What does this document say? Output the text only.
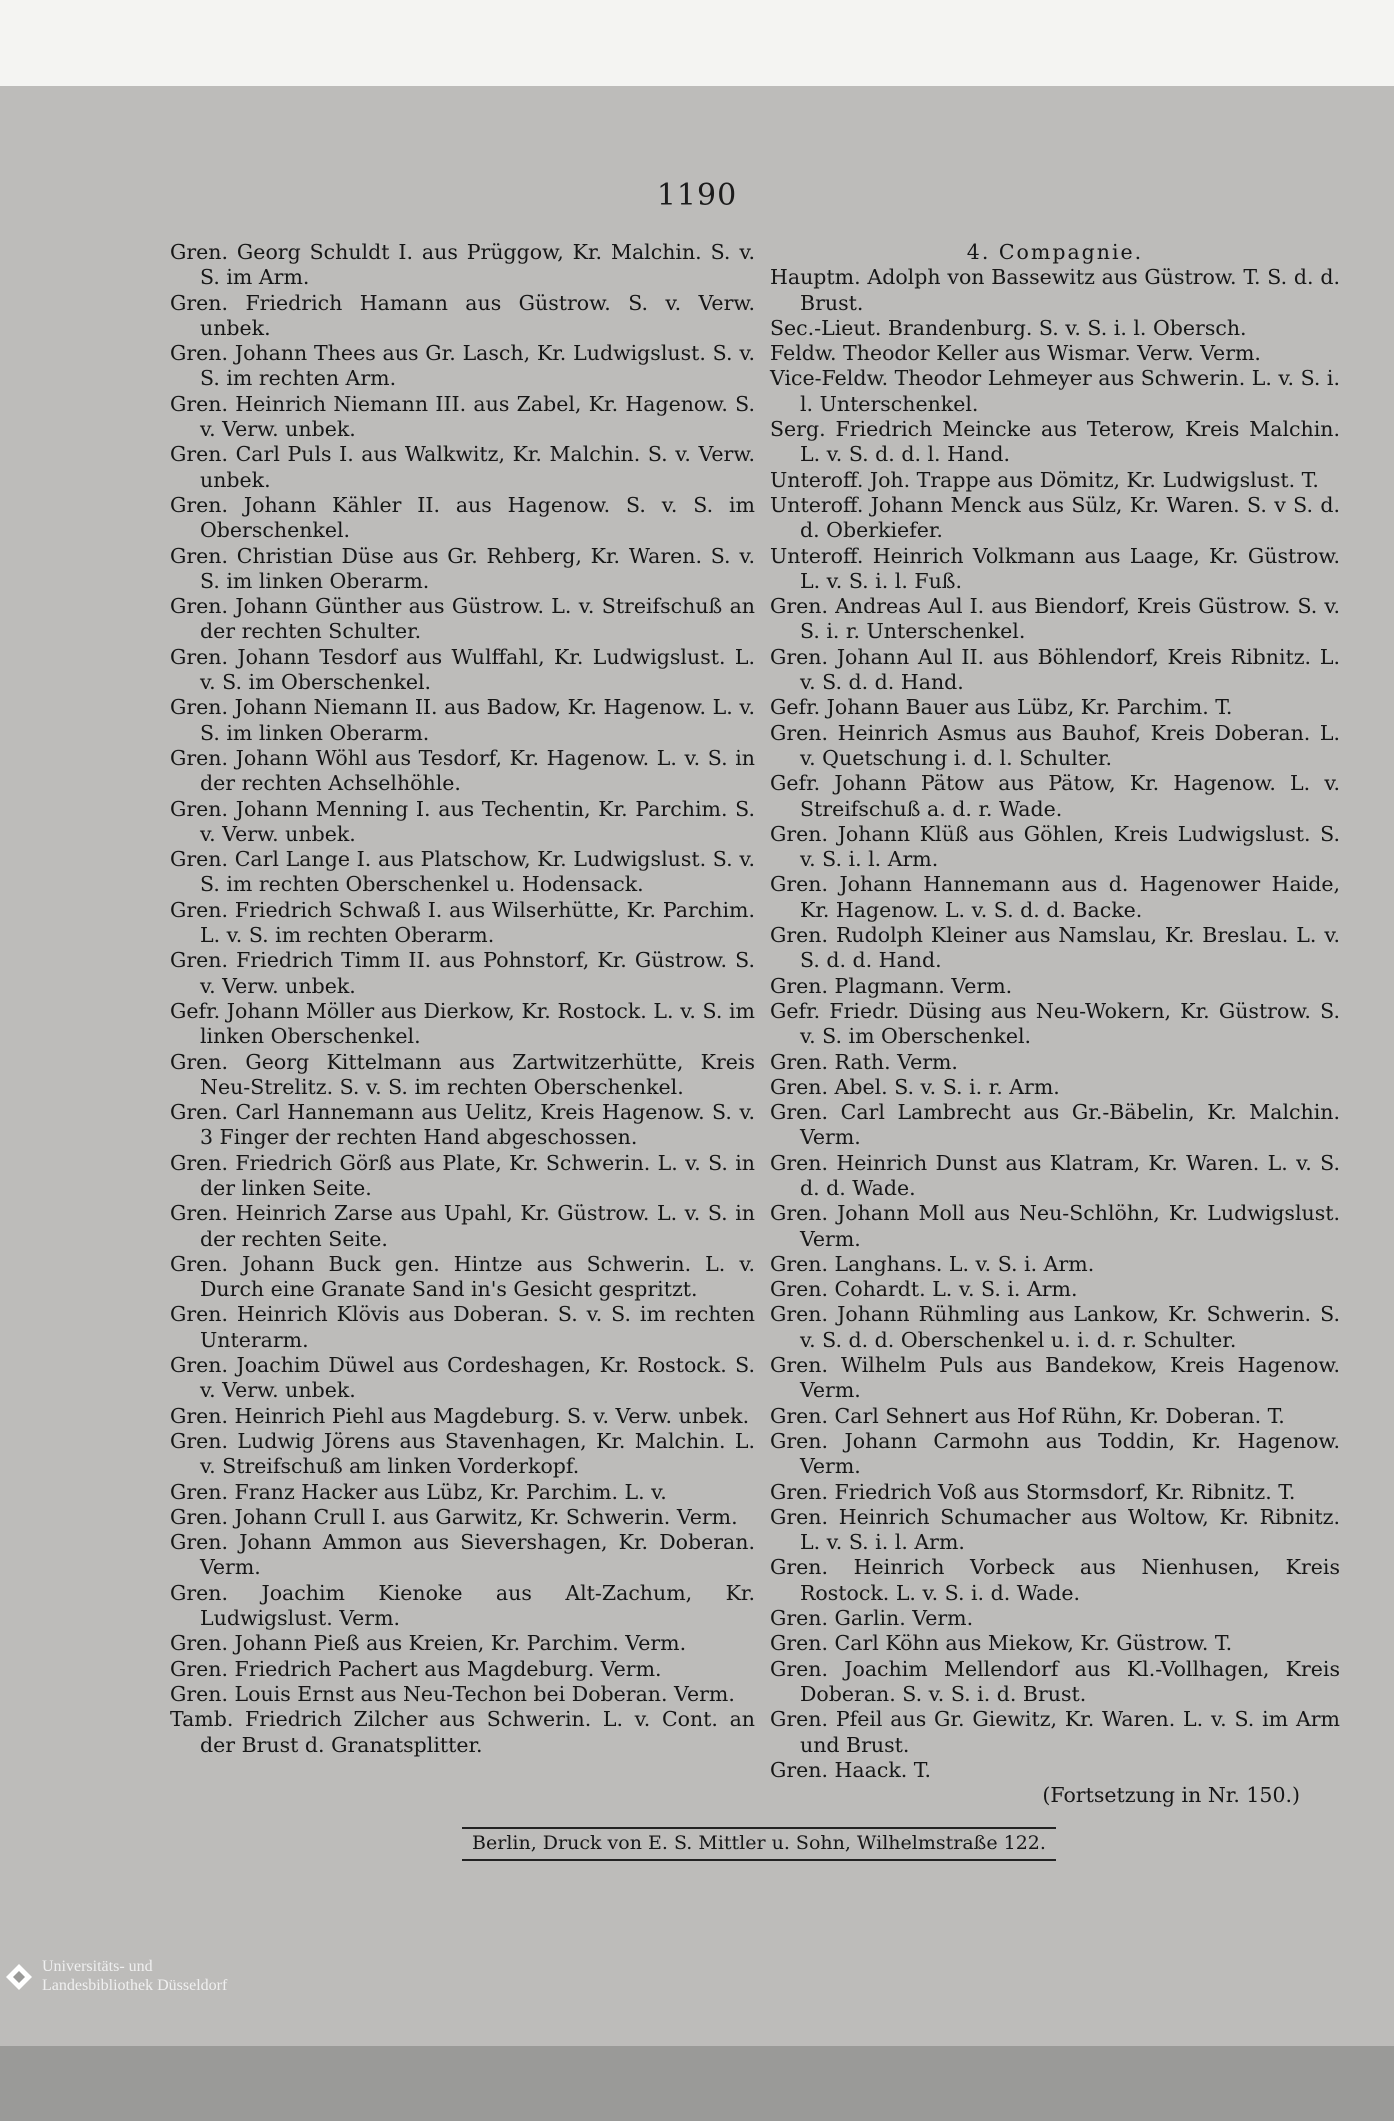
1190
Gren. Georg Schuldt I. aus Prüggow, Kr. Malchin. S. v. S. im Arm.
Gren. Friedrich Hamann aus Güstrow. S. v. Verw. unbek.
Gren. Johann Thees aus Gr. Lasch, Kr. Ludwigslust. S. v. S. im rechten Arm.
Gren. Heinrich Niemann III. aus Zabel, Kr. Hagenow. S. v. Verw. unbek.
Gren. Carl Puls I. aus Walkwitz, Kr. Malchin. S. v. Verw. unbek.
Gren. Johann Kähler II. aus Hagenow. S. v. S. im Oberschenkel.
Gren. Christian Düse aus Gr. Rehberg, Kr. Waren. S. v. S. im linken Oberarm.
Gren. Johann Günther aus Güstrow. L. v. Streifschuß an der rechten Schulter.
Gren. Johann Tesdorf aus Wulffahl, Kr. Ludwigslust. L. v. S. im Oberschenkel.
Gren. Johann Niemann II. aus Badow, Kr. Hagenow. L. v. S. im linken Oberarm.
Gren. Johann Wöhl aus Tesdorf, Kr. Hagenow. L. v. S. in der rechten Achselhöhle.
Gren. Johann Menning I. aus Techentin, Kr. Parchim. S. v. Verw. unbek.
Gren. Carl Lange I. aus Platschow, Kr. Ludwigslust. S. v. S. im rechten Oberschenkel u. Hodensack.
Gren. Friedrich Schwaß I. aus Wilserhütte, Kr. Parchim. L. v. S. im rechten Oberarm.
Gren. Friedrich Timm II. aus Pohnstorf, Kr. Güstrow. S. v. Verw. unbek.
Gefr. Johann Möller aus Dierkow, Kr. Rostock. L. v. S. im linken Oberschenkel.
Gren. Georg Kittelmann aus Zartwitzerhütte, Kreis Neu-Strelitz. S. v. S. im rechten Oberschenkel.
Gren. Carl Hannemann aus Uelitz, Kreis Hagenow. S. v. 3 Finger der rechten Hand abgeschossen.
Gren. Friedrich Görß aus Plate, Kr. Schwerin. L. v. S. in der linken Seite.
Gren. Heinrich Zarse aus Upahl, Kr. Güstrow. L. v. S. in der rechten Seite.
Gren. Johann Buck gen. Hintze aus Schwerin. L. v. Durch eine Granate Sand in's Gesicht gespritzt.
Gren. Heinrich Klövis aus Doberan. S. v. S. im rechten Unterarm.
Gren. Joachim Düwel aus Cordeshagen, Kr. Rostock. S. v. Verw. unbek.
Gren. Heinrich Piehl aus Magdeburg. S. v. Verw. unbek.
Gren. Ludwig Jörens aus Stavenhagen, Kr. Malchin. L. v. Streifschuß am linken Vorderkopf.
Gren. Franz Hacker aus Lübz, Kr. Parchim. L. v.
Gren. Johann Crull I. aus Garwitz, Kr. Schwerin. Verm.
Gren. Johann Ammon aus Sievershagen, Kr. Doberan. Verm.
Gren. Joachim Kienoke aus Alt-Zachum, Kr. Ludwigslust. Verm.
Gren. Johann Pieß aus Kreien, Kr. Parchim. Verm.
Gren. Friedrich Pachert aus Magdeburg. Verm.
Gren. Louis Ernst aus Neu-Techon bei Doberan. Verm.
Tamb. Friedrich Zilcher aus Schwerin. L. v. Cont. an der Brust d. Granatsplitter.
4. Compagnie.
Hauptm. Adolph von Bassewitz aus Güstrow. T. S. d. d. Brust.
Sec.-Lieut. Brandenburg. S. v. S. i. l. Obersch.
Feldw. Theodor Keller aus Wismar. Verw. Verm.
Vice-Feldw. Theodor Lehmeyer aus Schwerin. L. v. S. i. l. Unterschenkel.
Serg. Friedrich Meincke aus Teterow, Kreis Malchin. L. v. S. d. d. l. Hand.
Unteroff. Joh. Trappe aus Dömitz, Kr. Ludwigslust. T.
Unteroff. Johann Menck aus Sülz, Kr. Waren. S. v S. d. d. Oberkiefer.
Unteroff. Heinrich Volkmann aus Laage, Kr. Güstrow. L. v. S. i. l. Fuß.
Gren. Andreas Aul I. aus Biendorf, Kreis Güstrow. S. v. S. i. r. Unterschenkel.
Gren. Johann Aul II. aus Böhlendorf, Kreis Ribnitz. L. v. S. d. d. Hand.
Gefr. Johann Bauer aus Lübz, Kr. Parchim. T.
Gren. Heinrich Asmus aus Bauhof, Kreis Doberan. L. v. Quetschung i. d. l. Schulter.
Gefr. Johann Pätow aus Pätow, Kr. Hagenow. L. v. Streifschuß a. d. r. Wade.
Gren. Johann Klüß aus Göhlen, Kreis Ludwigslust. S. v. S. i. l. Arm.
Gren. Johann Hannemann aus d. Hagenower Haide, Kr. Hagenow. L. v. S. d. d. Backe.
Gren. Rudolph Kleiner aus Namslau, Kr. Breslau. L. v. S. d. d. Hand.
Gren. Plagmann. Verm.
Gefr. Friedr. Düsing aus Neu-Wokern, Kr. Güstrow. S. v. S. im Oberschenkel.
Gren. Rath. Verm.
Gren. Abel. S. v. S. i. r. Arm.
Gren. Carl Lambrecht aus Gr.-Bäbelin, Kr. Malchin. Verm.
Gren. Heinrich Dunst aus Klatram, Kr. Waren. L. v. S. d. d. Wade.
Gren. Johann Moll aus Neu-Schlöhn, Kr. Ludwigslust. Verm.
Gren. Langhans. L. v. S. i. Arm.
Gren. Cohardt. L. v. S. i. Arm.
Gren. Johann Rühmling aus Lankow, Kr. Schwerin. S. v. S. d. d. Oberschenkel u. i. d. r. Schulter.
Gren. Wilhelm Puls aus Bandekow, Kreis Hagenow. Verm.
Gren. Carl Sehnert aus Hof Rühn, Kr. Doberan. T.
Gren. Johann Carmohn aus Toddin, Kr. Hagenow. Verm.
Gren. Friedrich Voß aus Stormsdorf, Kr. Ribnitz. T.
Gren. Heinrich Schumacher aus Woltow, Kr. Ribnitz. L. v. S. i. l. Arm.
Gren. Heinrich Vorbeck aus Nienhusen, Kreis Rostock. L. v. S. i. d. Wade.
Gren. Garlin. Verm.
Gren. Carl Köhn aus Miekow, Kr. Güstrow. T.
Gren. Joachim Mellendorf aus Kl.-Vollhagen, Kreis Doberan. S. v. S. i. d. Brust.
Gren. Pfeil aus Gr. Giewitz, Kr. Waren. L. v. S. im Arm und Brust.
Gren. Haack. T.
(Fortsetzung in Nr. 150.)
Berlin, Druck von E. S. Mittler u. Sohn, Wilhelmstraße 122.
Universitäts- und
Landesbibliothek Düsseldorf
